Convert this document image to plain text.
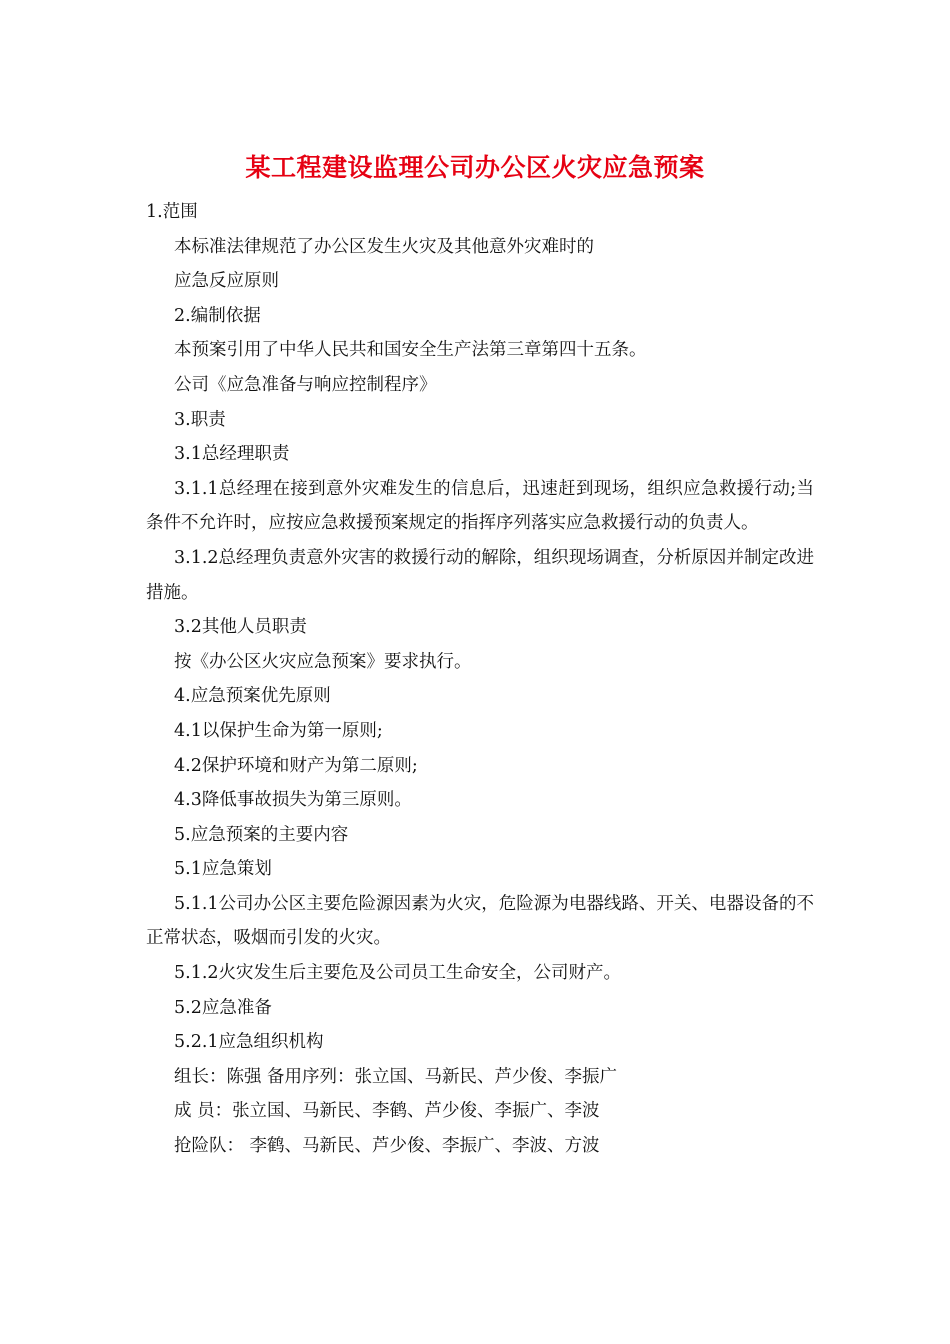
某工程建设监理公司办公区火灾应急预案

1.范围

本标准法律规范了办公区发生火灾及其他意外灾难时的

应急反应原则

2.编制依据

本预案引用了中华人民共和国安全生产法第三章第四十五条。

公司《应急准备与响应控制程序》

3.职责

3.1总经理职责

3.1.1总经理在接到意外灾难发生的信息后，迅速赶到现场，组织应急救援行动;当条件不允许时，应按应急救援预案规定的指挥序列落实应急救援行动的负责人。

3.1.2总经理负责意外灾害的救援行动的解除，组织现场调查，分析原因并制定改进措施。

3.2其他人员职责

按《办公区火灾应急预案》要求执行。

4.应急预案优先原则

4.1以保护生命为第一原则;

4.2保护环境和财产为第二原则;

4.3降低事故损失为第三原则。

5.应急预案的主要内容

5.1应急策划

5.1.1公司办公区主要危险源因素为火灾，危险源为电器线路、开关、电器设备的不正常状态，吸烟而引发的火灾。

5.1.2火灾发生后主要危及公司员工生命安全，公司财产。

5.2应急准备

5.2.1应急组织机构

组长：陈强 备用序列：张立国、马新民、芦少俊、李振广

成 员：张立国、马新民、李鹤、芦少俊、李振广、李波

抢险队： 李鹤、马新民、芦少俊、李振广、李波、方波
